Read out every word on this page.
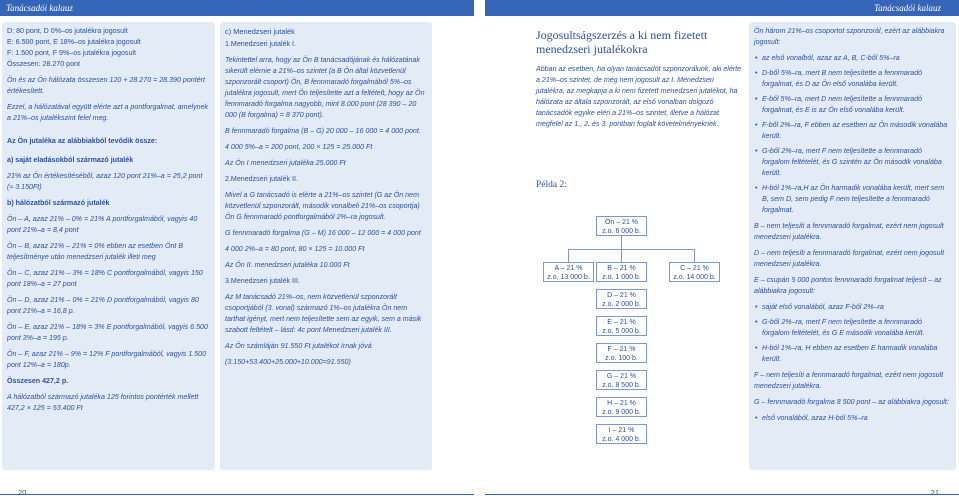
Tanácsadói kalauz	Tanácsadói kalauz

D: 80 pont, D 0%–os jutalékra jogosult
E: 6.500 pont, E 18%–os jutalékra jogosult
F: 1.500 pont, F 9%–os jutalékra jogosult
Összesen: 28.270 pont

Ön és az Ön hálózata összesen 120 + 28.270 = 28.390 pontért értékesített.

Ezzel, a hálózatával együtt elérte azt a pontforgalmat, amelynek a 21%–os jutalékszint felel meg.

Az Ön jutaléka az alábbiakból tevődik össze:

a) saját eladásokból származó jutalék

21% az Ön értékesítéséből, azaz 120 pont 21%–a = 25,2 pont (≈ 3.150Ft)

b) hálózatból származó jutalék

Ön – A, azaz 21% – 0% = 21% A pontforgalmából, vagyis 40 pont 21%–a = 8,4 pont

Ön – B, azaz 21% – 21% = 0% ebben az esetben Önt B teljesítménye után menedzseri jutalék illeti meg

Ön – C, azaz 21% – 3% = 18% C pontforgalmából, vagyis 150 pont 18%–a = 27 pont

Ön – D, azaz 21% – 0% = 21% D pontforgalmából, vagyis 80 pont 21%–a = 16,8 p.

Ön – E, azaz 21% – 18% = 3% E pontforgalmából, vagyis 6.500 pont 3%–a = 195 p.

Ön – F, azaz 21% – 9% = 12% F pontforgalmából, vagyis 1.500 pont 12%–a = 180p.

Összesen 427,2 p.

A hálózatból származó jutaléka 125 forintos pontérték mellett 427,2 × 125 = 53.400 Ft

c) Menedzseri jutalék

1.Menedzseri jutalék I.

Tekintettel arra, hogy az Ön B tanácsadójának és hálózatának sikerült elérnie a 21%–os szintet (a B Ön által közvetlenül szponzorált csoport) Ön, B fennmaradó forgalmából 5%–os jutalékra jogosult, mert Ön teljesítette azt a feltételt, hogy az Ön fennmaradó forgalma nagyobb, mint 8.000 pont (28 390 – 20 000 (B forgalma) = 8 370 pont).

B fennmaradó forgalma (B – G) 20 000 – 16 000 = 4 000 pont.

4 000 5%–a = 200 pont, 200 × 125 = 25.000 Ft

Az Ön I menedzseri jutaléka 25.000 Ft

2.Menedzseri jutalék II.

Mivel a G tanácsadó is elérte a 21%–os szintet (G az Ön nem közvetlenül szponzorált, második vonalbeli 21%–os csoportja) Ön G fennmaradó pontforgalmából 2%–ra jogosult.

G fennmaradó forgalma (G – M) 16 000 – 12 000 = 4 000 pont

4 000 2%–a = 80 pont, 80 × 125 = 10.000 Ft

Az Ön II. menedzseri jutaléka 10.000 Ft

3.Menedzseri jutalék III.

Az M tanácsadó 21%–os, nem közvetlenül szponzorált csoportjából (3. vonal) származó 1%–os jutalékra Ön nem tarthat igényt, mert nem teljesítette sem az egyik, sem a másik szabott feltételt – lásd: 4c pont Menedzseri jutalék III.

Az Ön számláján 91.550 Ft jutalékot írnak jóvá

(3.150+53.400+25.000+10.000=91.550)

Jogosultságszerzés a ki nem fizetett menedzseri jutalékokra

Abban az esetben, ha olyan tanácsadót szponzorálunk, aki elérte a 21%–os szintet, de még nem jogosult az I. Menedzseri jutalékra, az megkapja a ki nem fizetett menedzseri jutalékot, ha hálózata az általa szponzorált, az első vonalban dolgozó tanácsadók egyike eléri a 21%–os szintet, illetve a hálózat megfelel az 1., 2. és 3. pontban foglalt követelményeknek.

Példa 2:
Ön – 21 %
z.o. 6 000 b.
A – 21 %
z.o. 13 000 b.
B – 21 %
z.o. 1 000 b.
C – 21 %
z.o. 14 000 b.
D – 21 %
z.o. 2 000 b.
E – 21 %
z.o. 5 000 b.
F – 21 %
z.o. 100 b.
G – 21 %
z.o. 8 500 b.
H – 21 %
z.o. 9 000 b.
I – 21 %
z.o. 4 000 b.

Ön három 21%–os csoportot szponzorál, ezért az alábbiakra jogosult:

• az első vonalból, azaz az A, B, C-ből 5%–ra
• D-ből 5%–ra, mert B nem teljesítette a fennmaradó forgalmat, és D az Ön első vonalába került.
• E-ből 5%–ra, mert D nem teljesítette a fennmaradó forgalmat, és E is az Ön első vonalába került.
• F-ből 2%–ra, F ebben az esetben az Ön második vonalába került.
• G-ből 2%–ra, mert F nem teljesítette a fennmaradó forgalom feltételét, és G szintén az Ön második vonalába került.
• H-ból 1%–ra,H az Ön harmadik vonalába került, mert sem B, sem D, sem pedig F nem teljesítette a fennmaradó forgalmat.

B – nem teljesíti a fennmaradó forgalmat, ezért nem jogosult menedzseri jutalékra.

D – nem teljesíti a fennmaradó forgalmat, ezért nem jogosult menedzseri jutalékra.

E – csupán 5 000 pontos fennmaradó forgalmat teljesít – az alábbiakra jogosult:

• saját első vonalából, azaz F-ből 2%–ra
• G-ből 2%–ra, mert F nem teljesítette a fennmaradó forgalom feltételét, és G E második vonalába került.
• H-ból 1%–ra, H ebben az esetben E harmadik vonalába került.

F – nem teljesíti a fennmaradó forgalmat, ezért nem jogosult menedzseri jutalékra.

G – fennmaradó forgalma 8 500 pont – az alábbiakra jogosult:

• első vonalából, azaz H-ból 5%–ra
20	21
